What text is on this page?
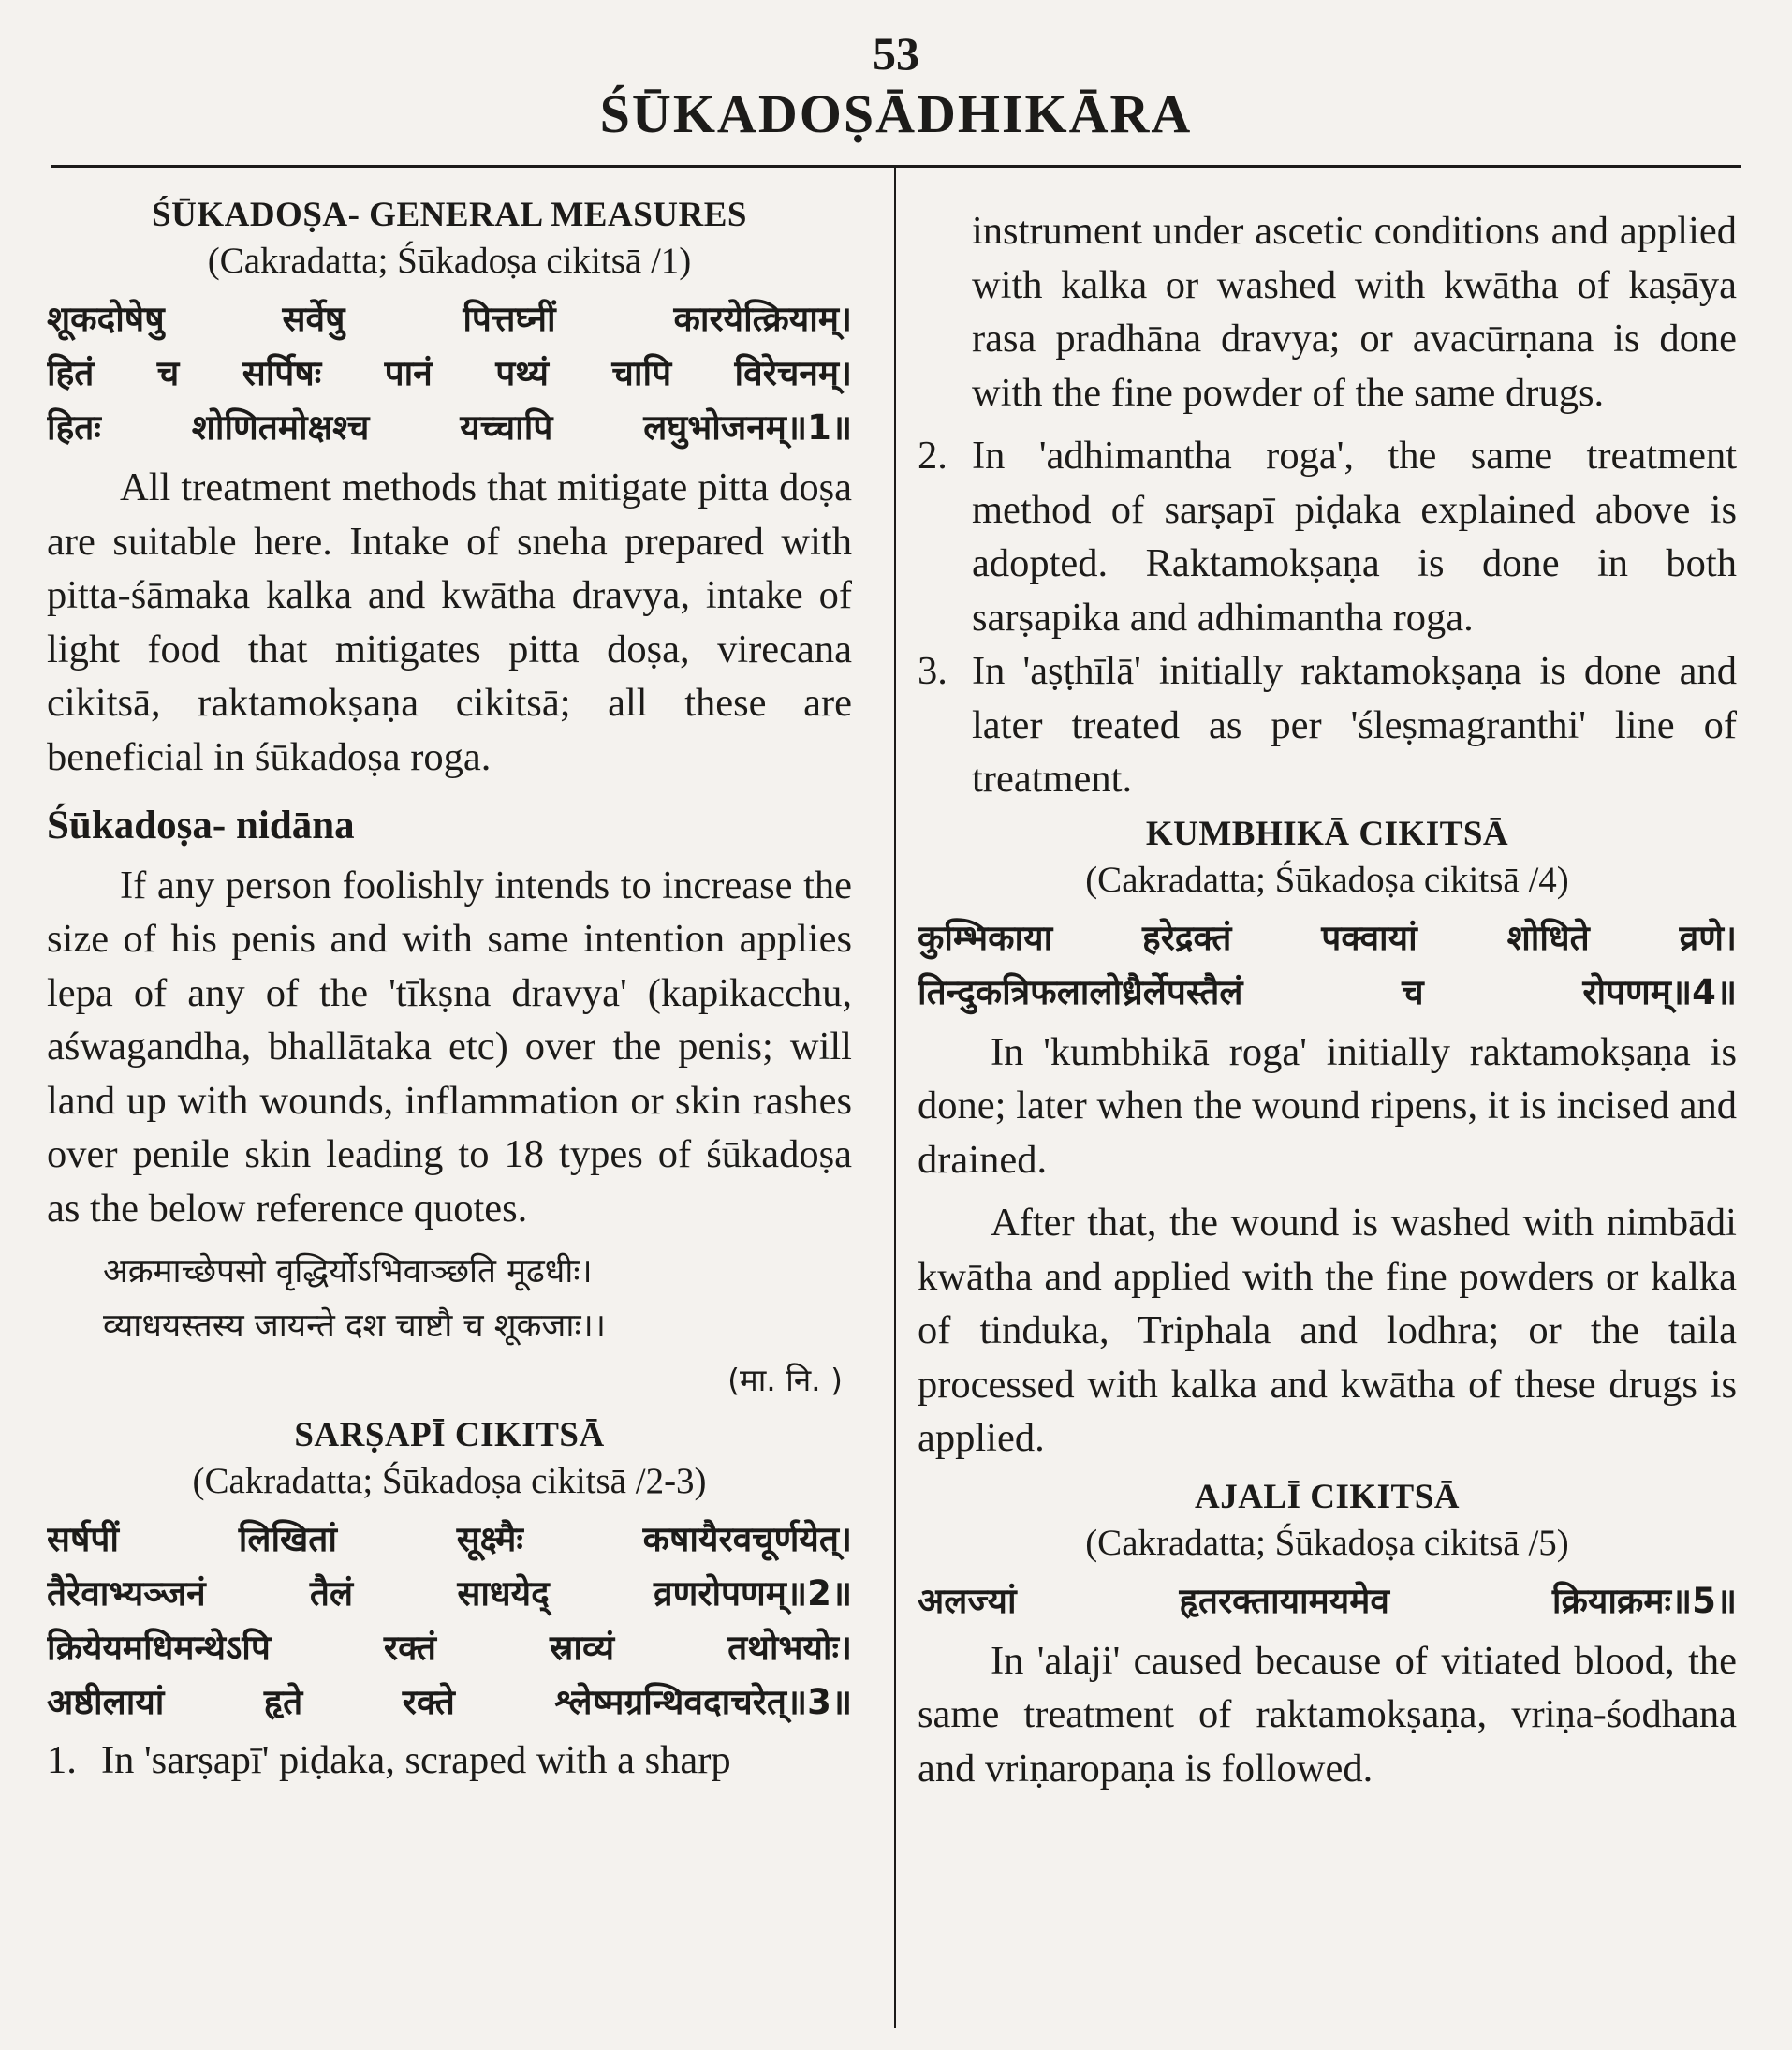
53
ŚŪKADOṢĀDHIKĀRA
ŚŪKADOṢA- GENERAL MEASURES
(Cakradatta; Śūkadoṣa cikitsā /1)
शूकदोषेषु सर्वेषु पित्तघ्नीं कारयेत्क्रियाम्।
हितं च सर्पिषः पानं पथ्यं चापि विरेचनम्।
हितः शोणितमोक्षश्च यच्चापि लघुभोजनम्॥1॥
All treatment methods that mitigate pitta doṣa are suitable here. Intake of sneha prepared with pitta-śāmaka kalka and kwātha dravya, intake of light food that mitigates pitta doṣa, virecana cikitsā, raktamokṣaṇa cikitsā; all these are beneficial in śūkadoṣa roga.
Śūkadoṣa- nidāna
If any person foolishly intends to increase the size of his penis and with same intention applies lepa of any of the 'tīkṣna dravya' (kapikacchu, aśwagandha, bhallātaka etc) over the penis; will land up with wounds, inflammation or skin rashes over penile skin leading to 18 types of śūkadoṣa as the below reference quotes.
अक्रमाच्छेपसो वृद्धिर्योऽभिवाञ्छति मूढधीः।
व्याधयस्तस्य जायन्ते दश चाष्टौ च शूकजाः।।
(मा. नि. )
SARṢAPĪ CIKITSĀ
(Cakradatta; Śūkadoṣa cikitsā /2-3)
सर्षपीं लिखितां सूक्ष्मैः कषायैरवचूर्णयेत्।
तैरेवाभ्यञ्जनं तैलं साधयेद् व्रणरोपणम्॥2॥
क्रियेयमधिमन्थेऽपि रक्तं स्राव्यं तथोभयोः।
अष्ठीलायां हृते रक्ते श्लेष्मग्रन्थिवदाचरेत्॥3॥
1. In 'sarṣapī' piḍaka, scraped with a sharp
instrument under ascetic conditions and applied with kalka or washed with kwātha of kaṣāya rasa pradhāna dravya; or avacūrṇana is done with the fine powder of the same drugs.
2. In 'adhimantha roga', the same treatment method of sarṣapī piḍaka explained above is adopted. Raktamokṣaṇa is done in both sarṣapika and adhimantha roga.
3. In 'aṣṭhīlā' initially raktamokṣaṇa is done and later treated as per 'śleṣmagranthi' line of treatment.
KUMBHIKĀ CIKITSĀ
(Cakradatta; Śūkadoṣa cikitsā /4)
कुम्भिकाया हरेद्रक्तं पक्वायां शोधिते व्रणे।
तिन्दुकत्रिफलालोध्रैर्लेपस्तैलं च रोपणम्॥4॥
In 'kumbhikā roga' initially raktamokṣaṇa is done; later when the wound ripens, it is incised and drained.
After that, the wound is washed with nimbādi kwātha and applied with the fine powders or kalka of tinduka, Triphala and lodhra; or the taila processed with kalka and kwātha of these drugs is applied.
AJALĪ CIKITSĀ
(Cakradatta; Śūkadoṣa cikitsā /5)
अलज्यां हृतरक्तायामयमेव क्रियाक्रमः॥5॥
In 'alaji' caused because of vitiated blood, the same treatment of raktamokṣaṇa, vriṇa-śodhana and vriṇaropaṇa is followed.
